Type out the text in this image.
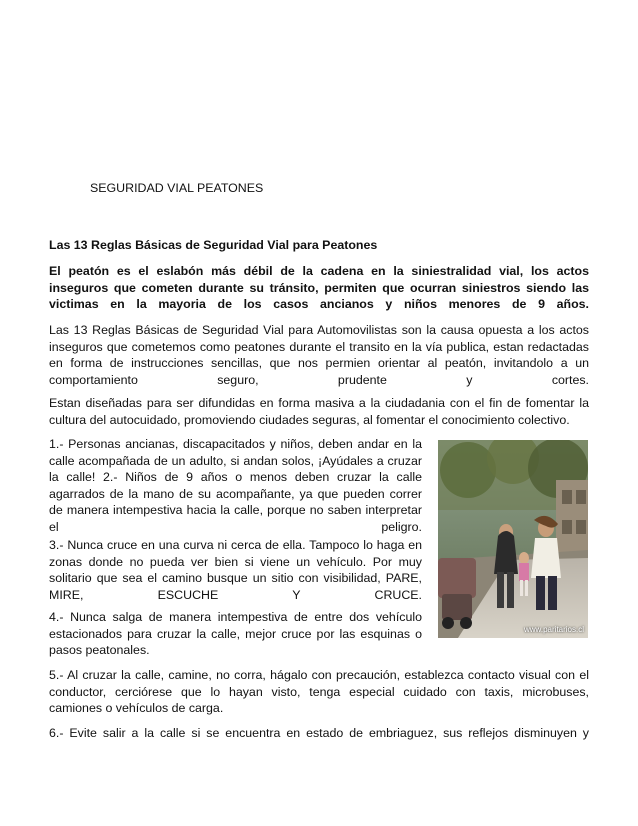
SEGURIDAD VIAL PEATONES
Las 13 Reglas Básicas de Seguridad Vial para Peatones
El peatón es el eslabón más débil de la cadena en la siniestralidad vial, los actos
inseguros que cometen durante su tránsito, permiten que ocurran siniestros siendo las
victimas en la mayoria de los casos ancianos y niños menores de 9 años.
Las 13 Reglas Básicas de Seguridad Vial para Automovilistas son la causa opuesta a los actos
inseguros que cometemos como peatones durante el transito en la vía publica, estan redactadas
en forma de instrucciones sencillas, que nos permien orientar al peatón, invitandolo a un
comportamiento seguro, prudente y cortes.
Estan diseñadas para ser difundidas en forma masiva a la ciudadania con el fin de fomentar la
cultura del autocuidado, promoviendo ciudades seguras, al fomentar el conocimiento colectivo.
1.- Personas ancianas, discapacitados y niños, deben andar en la
calle acompañada de un adulto, si andan solos, ¡Ayúdales a cruzar
la calle! 2.- Niños de 9 años o menos deben cruzar la calle
agarrados de la mano de su acompañante, ya que pueden correr
de manera intempestiva hacia la calle, porque no saben interpretar
el peligro.
3.- Nunca cruce en una curva ni cerca de ella. Tampoco lo haga en
zonas donde no pueda ver bien si viene un vehículo. Por muy
solitario que sea el camino busque un sitio con visibilidad, PARE,
MIRE, ESCUCHE Y CRUCE.
4.- Nunca salga de manera intempestiva de entre dos vehículo
estacionados para cruzar la calle, mejor cruce por las esquinas o
pasos peatonales.
www.paritarios.cl
5.- Al cruzar la calle, camine, no corra, hágalo con precaución, establezca contacto visual con el
conductor, cerciórese que lo hayan visto, tenga especial cuidado con taxis, microbuses,
camiones o vehículos de carga.
6.- Evite salir a la calle si se encuentra en estado de embriaguez, sus reflejos disminuyen y
